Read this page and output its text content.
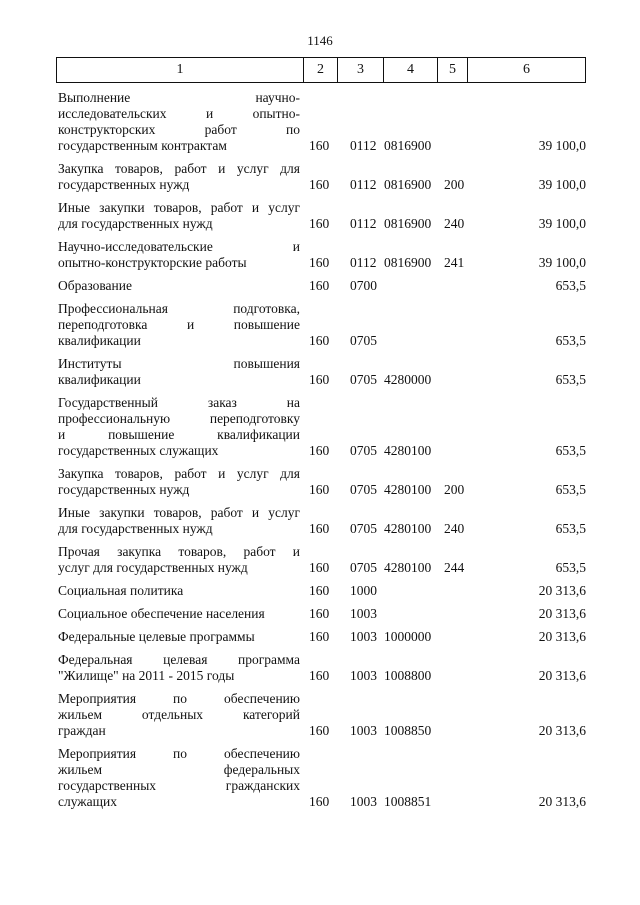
1146
1	2	3	4	5	6
Выполнение научно-
исследовательских и опытно-
конструкторских работ по
государственным контрактам	160 0112 0816900	39 100,0
Закупка товаров, работ и услуг для
государственных нужд	160 0112 0816900 200	39 100,0
Иные закупки товаров, работ и услуг
для государственных нужд	160 0112 0816900 240	39 100,0
Научно-исследовательские и
опытно-конструкторские работы	160 0112 0816900 241	39 100,0
Образование	160 0700	653,5
Профессиональная подготовка,
переподготовка и повышение
квалификации	160 0705	653,5
Институты повышения
квалификации	160 0705 4280000	653,5
Государственный заказ на
профессиональную переподготовку
и повышение квалификации
государственных служащих	160 0705 4280100	653,5
Закупка товаров, работ и услуг для
государственных нужд	160 0705 4280100 200	653,5
Иные закупки товаров, работ и услуг
для государственных нужд	160 0705 4280100 240	653,5
Прочая закупка товаров, работ и
услуг для государственных нужд	160 0705 4280100 244	653,5
Социальная политика	160 1000	20 313,6
Социальное обеспечение населения	160 1003	20 313,6
Федеральные целевые программы	160 1003 1000000	20 313,6
Федеральная целевая программа
"Жилище" на 2011 - 2015 годы	160 1003 1008800	20 313,6
Мероприятия по обеспечению
жильем отдельных категорий
граждан	160 1003 1008850	20 313,6
Мероприятия по обеспечению
жильем федеральных
государственных гражданских
служащих	160 1003 1008851	20 313,6
